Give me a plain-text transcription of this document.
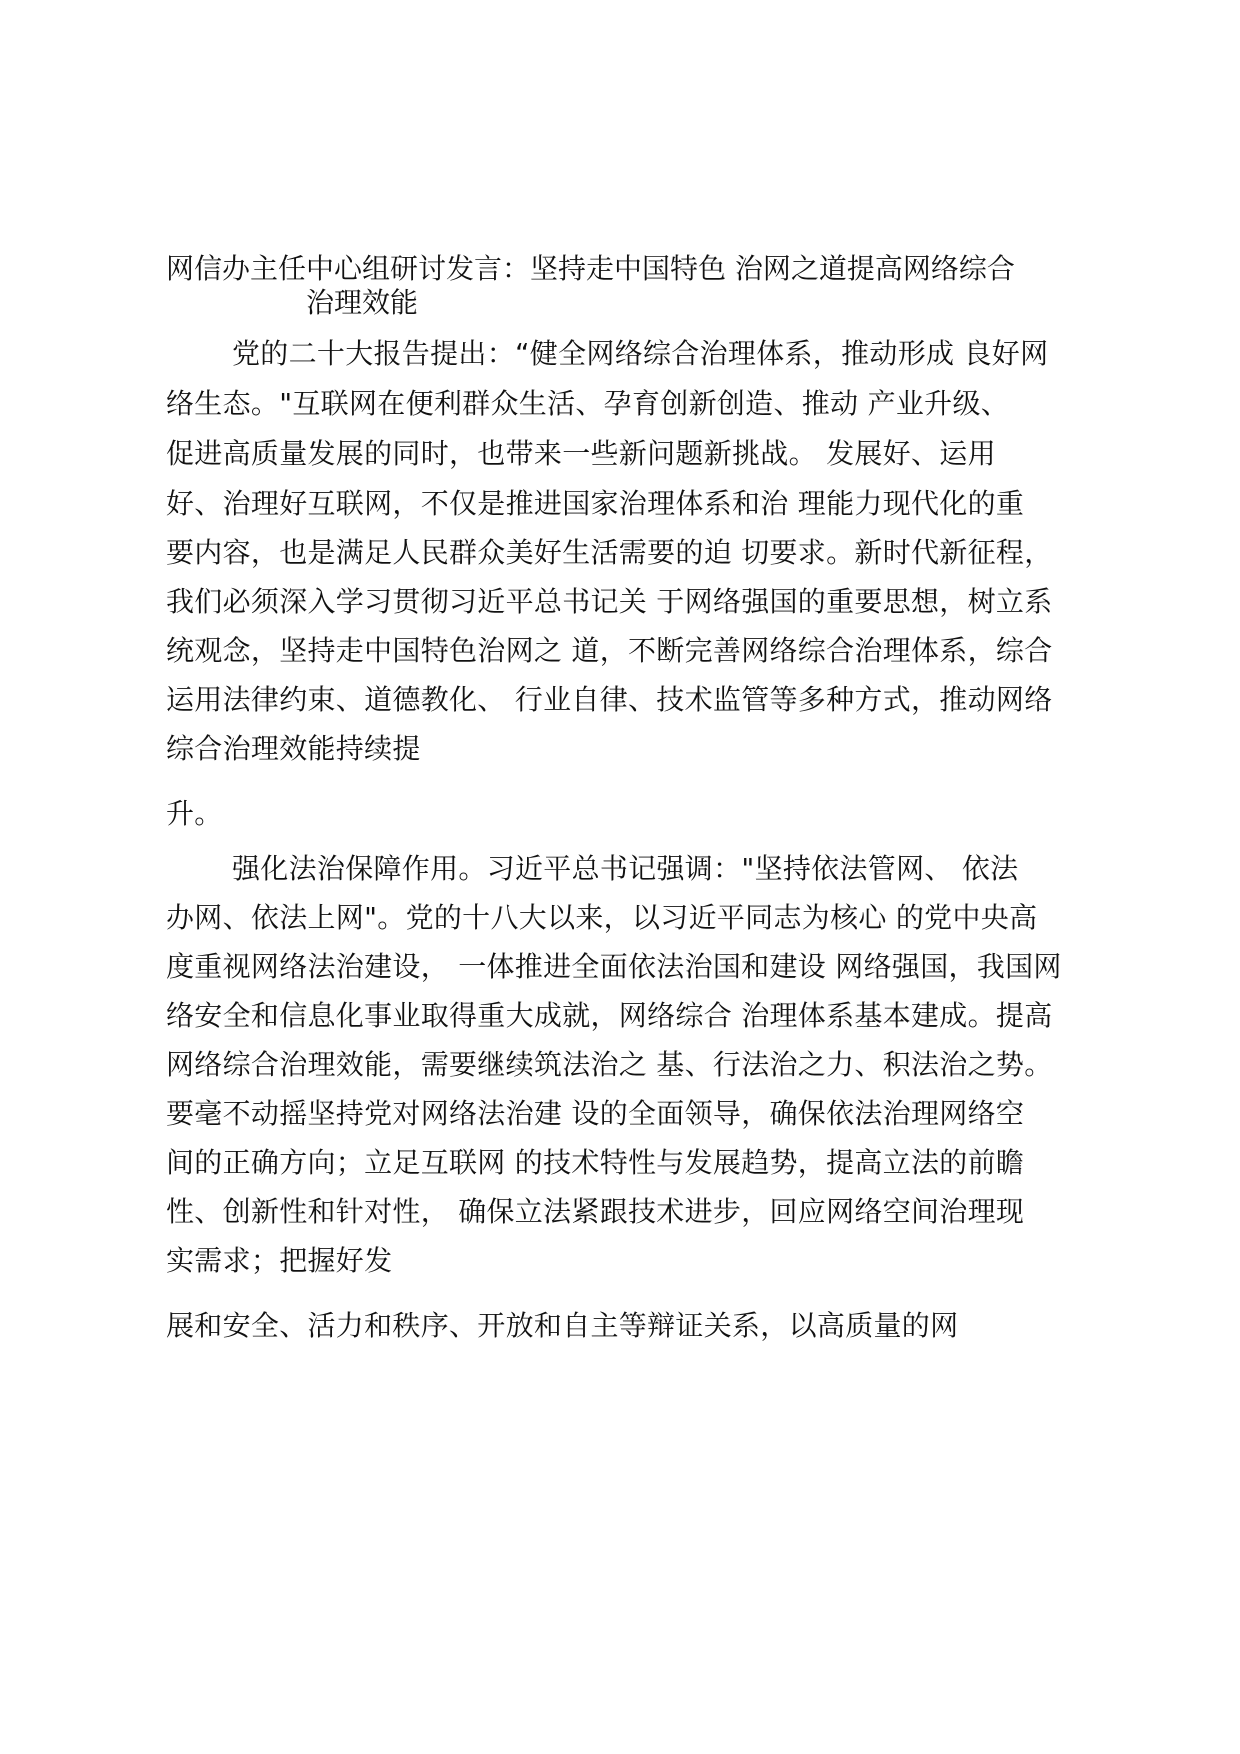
网信办主任中心组研讨发言：坚持走中国特色 治网之道提高网络综合
治理效能
党的二十大报告提出：“健全网络综合治理体系，推动形成 良好网
络生态。"互联网在便利群众生活、孕育创新创造、推动 产业升级、
促进高质量发展的同时，也带来一些新问题新挑战。 发展好、运用
好、治理好互联网，不仅是推进国家治理体系和治 理能力现代化的重
要内容，也是满足人民群众美好生活需要的迫 切要求。新时代新征程，
我们必须深入学习贯彻习近平总书记关 于网络强国的重要思想，树立系
统观念，坚持走中国特色治网之 道，不断完善网络综合治理体系，综合
运用法律约束、道德教化、 行业自律、技术监管等多种方式，推动网络
综合治理效能持续提
升。
强化法治保障作用。习近平总书记强调："坚持依法管网、 依法
办网、依法上网"。党的十八大以来，以习近平同志为核心 的党中央高
度重视网络法治建设， 一体推进全面依法治国和建设 网络强国，我国网
络安全和信息化事业取得重大成就，网络综合 治理体系基本建成。提高
网络综合治理效能，需要继续筑法治之 基、行法治之力、积法治之势。
要毫不动摇坚持党对网络法治建 设的全面领导，确保依法治理网络空
间的正确方向；立足互联网 的技术特性与发展趋势，提高立法的前瞻
性、创新性和针对性， 确保立法紧跟技术进步，回应网络空间治理现
实需求；把握好发
展和安全、活力和秩序、开放和自主等辩证关系，以高质量的网
